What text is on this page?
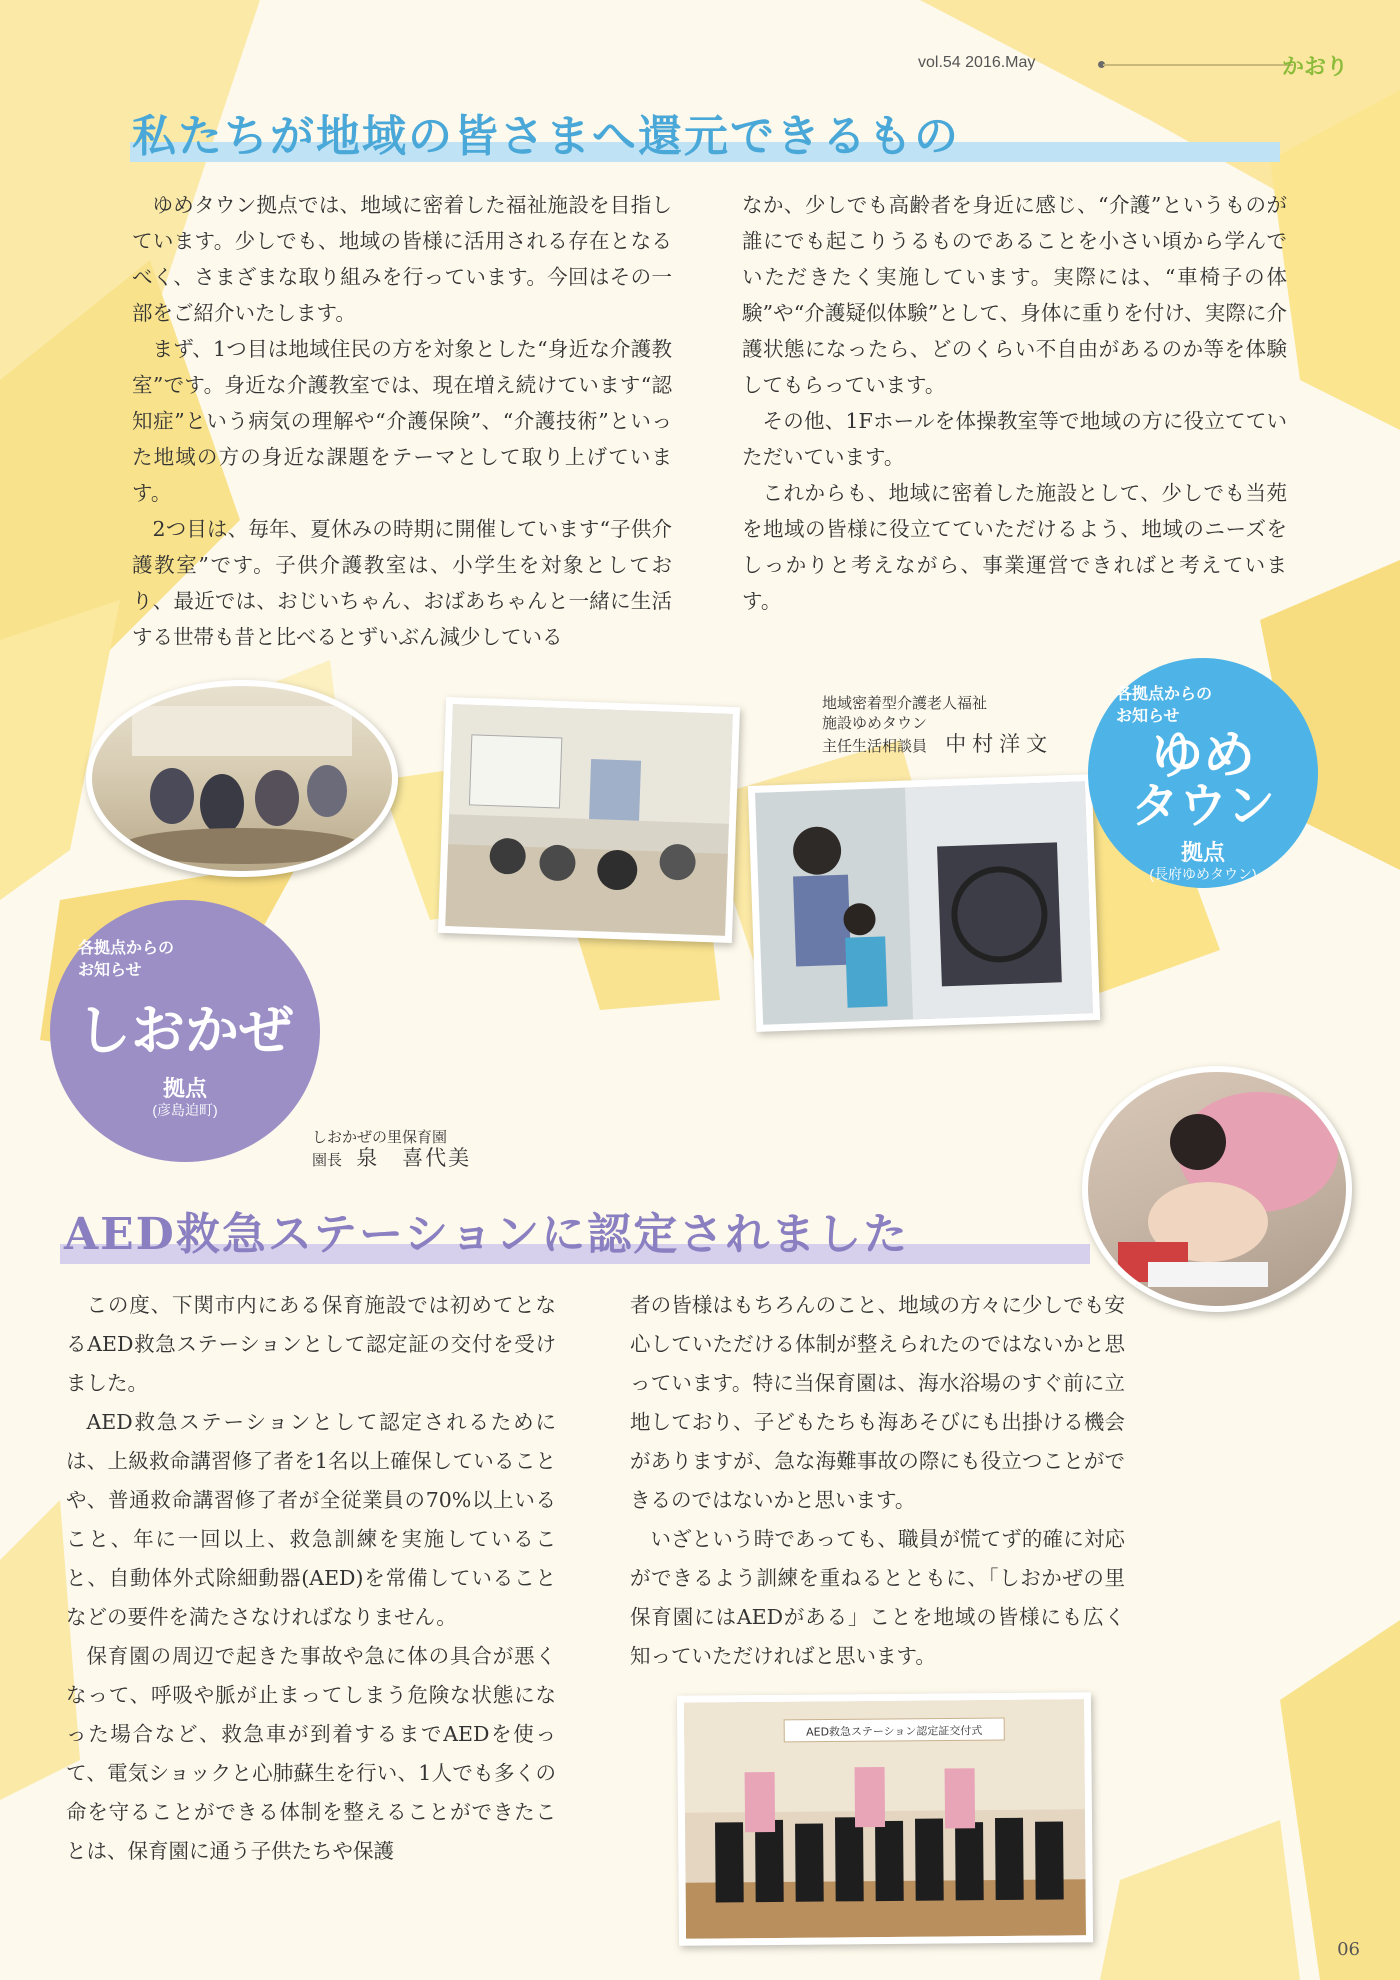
vol.54 2016.May	かおり
私たちが地域の皆さまへ還元できるもの

ゆめタウン拠点では、地域に密着した福祉施設を目指しています。少しでも、地域の皆様に活用される存在となるべく、さまざまな取り組みを行っています。今回はその一部をご紹介いたします。

まず、1つ目は地域住民の方を対象とした“身近な介護教室”です。身近な介護教室では、現在増え続けています“認知症”という病気の理解や“介護保険”、“介護技術”といった地域の方の身近な課題をテーマとして取り上げています。

2つ目は、毎年、夏休みの時期に開催しています“子供介護教室”です。子供介護教室は、小学生を対象としており、最近では、おじいちゃん、おばあちゃんと一緒に生活する世帯も昔と比べるとずいぶん減少している

なか、少しでも高齢者を身近に感じ、“介護”というものが誰にでも起こりうるものであることを小さい頃から学んでいただきたく実施しています。実際には、“車椅子の体験”や“介護疑似体験”として、身体に重りを付け、実際に介護状態になったら、どのくらい不自由があるのか等を体験してもらっています。

その他、1Fホールを体操教室等で地域の方に役立てていただいています。

これからも、地域に密着した施設として、少しでも当苑を地域の皆様に役立てていただけるよう、地域のニーズをしっかりと考えながら、事業運営できればと考えています。

地域密着型介護老人福祉
施設ゆめタウン
主任生活相談員 中村洋文
各拠点からの
お知らせ
ゆめ
タウン
拠点
(長府ゆめタウン)
各拠点からの
お知らせ
しおかぜ
拠点
(彦島迫町)
しおかぜの里保育園
園長 泉　喜代美
AED救急ステーションに認定されました

この度、下関市内にある保育施設では初めてとなるAED救急ステーションとして認定証の交付を受けました。

AED救急ステーションとして認定されるためには、上級救命講習修了者を1名以上確保していることや、普通救命講習修了者が全従業員の70%以上いること、年に一回以上、救急訓練を実施していること、自動体外式除細動器(AED)を常備していることなどの要件を満たさなければなりません。

保育園の周辺で起きた事故や急に体の具合が悪くなって、呼吸や脈が止まってしまう危険な状態になった場合など、救急車が到着するまでAEDを使って、電気ショックと心肺蘇生を行い、1人でも多くの命を守ることができる体制を整えることができたことは、保育園に通う子供たちや保護

者の皆様はもちろんのこと、地域の方々に少しでも安心していただける体制が整えられたのではないかと思っています。特に当保育園は、海水浴場のすぐ前に立地しており、子どもたちも海あそびにも出掛ける機会がありますが、急な海難事故の際にも役立つことができるのではないかと思います。

いざという時であっても、職員が慌てず的確に対応ができるよう訓練を重ねるとともに、「しおかぜの里保育園にはAEDがある」ことを地域の皆様にも広く知っていただければと思います。

AED救急ステーション認定証交付式
06
